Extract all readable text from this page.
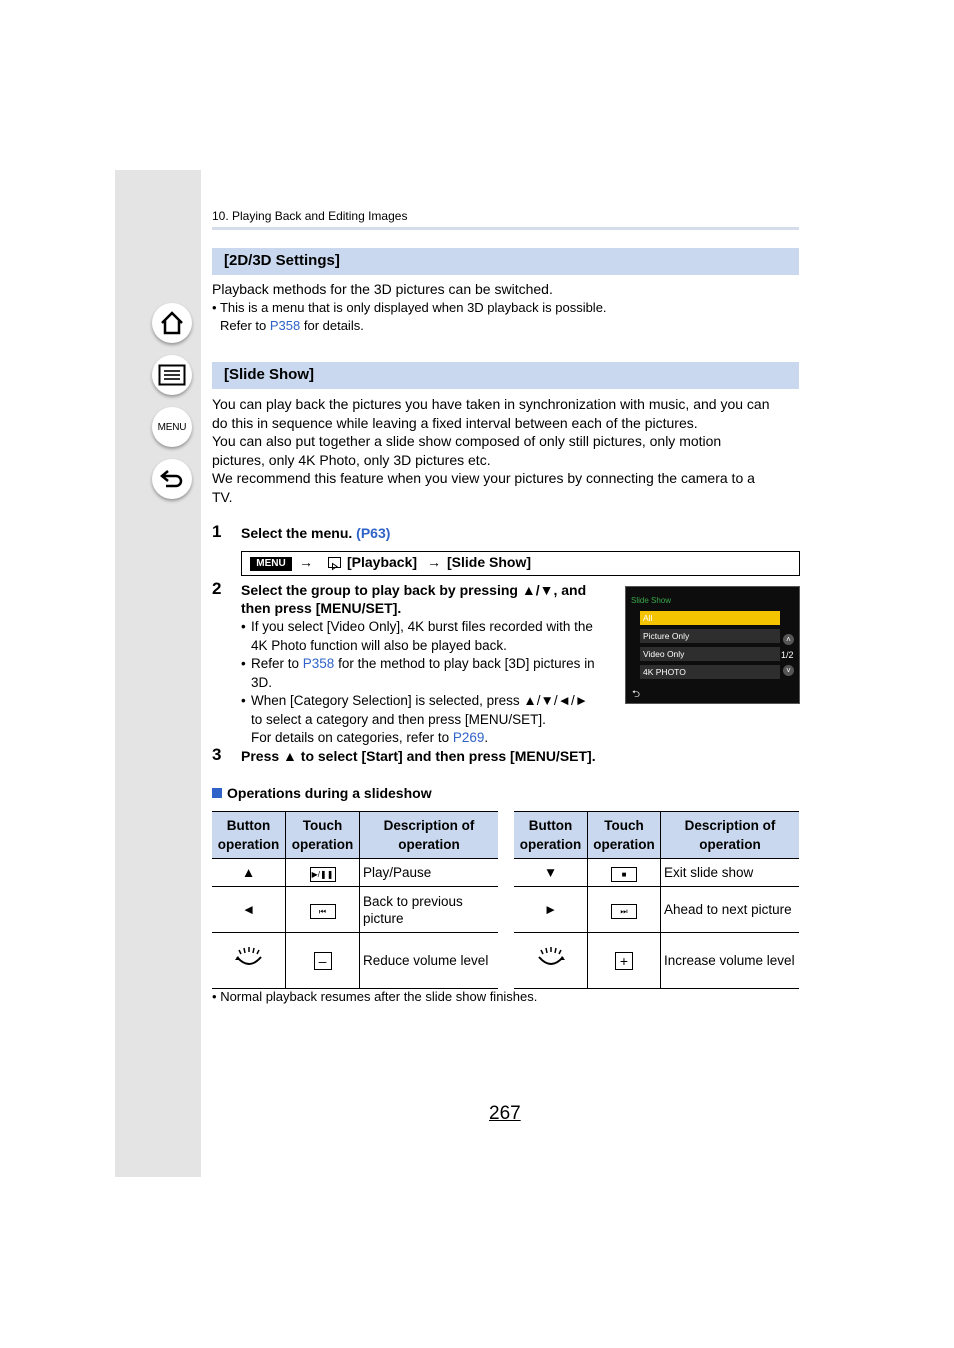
MENU
10. Playing Back and Editing Images
[2D/3D Settings]
Playback methods for the 3D pictures can be switched.
• This is a menu that is only displayed when 3D playback is possible.
Refer to P358 for details.
[Slide Show]
You can play back the pictures you have taken in synchronization with music, and you can
do this in sequence while leaving a fixed interval between each of the pictures.
You can also put together a slide show composed of only still pictures, only motion
pictures, only 4K Photo, only 3D pictures etc.
We recommend this feature when you view your pictures by connecting the camera to a
TV.
1 Select the menu. (P63)
MENU → [Playback] → [Slide Show]
2 Select the group to play back by pressing ▲/▼, and
then press [MENU/SET].
• If you select [Video Only], 4K burst files recorded with the
4K Photo function will also be played back.
• Refer to P358 for the method to play back [3D] pictures in
3D.
• When [Category Selection] is selected, press ▲/▼/◄/►
to select a category and then press [MENU/SET].
For details on categories, refer to P269.
Slide Show
All
Picture Only
Video Only
4K PHOTO
˄
1/2
˅
⮌
3 Press ▲ to select [Start] and then press [MENU/SET].
Operations during a slideshow
Button
operation	Touch
operation	Description of
operation
▲	▶/❚❚	Play/Pause
◄	⏮	Back to previous picture
	–	Reduce volume level
Button
operation	Touch
operation	Description of
operation
▼	■	Exit slide show
►	⏭	Ahead to next picture
	+	Increase volume level
• Normal playback resumes after the slide show finishes.
267
